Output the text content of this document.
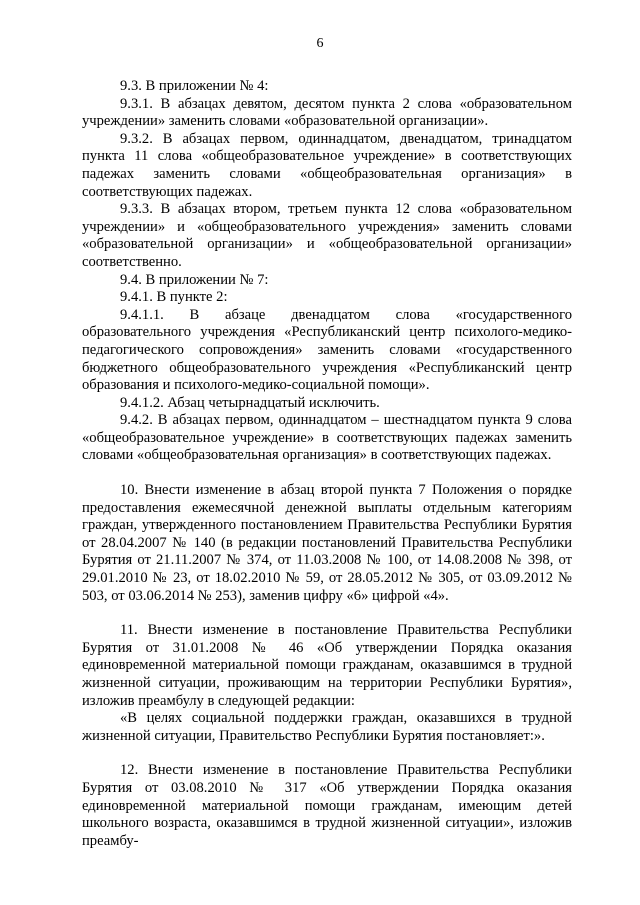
6

9.3. В приложении № 4:

9.3.1. В абзацах девятом, десятом пункта 2 слова «образовательном учреждении» заменить словами «образовательной организации».

9.3.2. В абзацах первом, одиннадцатом, двенадцатом, тринадцатом пункта 11 слова «общеобразовательное учреждение» в соответствующих падежах заменить словами «общеобразовательная организация» в соответствующих падежах.

9.3.3. В абзацах втором, третьем пункта 12 слова «образовательном учреждении» и «общеобразовательного учреждения» заменить словами «образовательной организации» и «общеобразовательной организации» соответственно.

9.4. В приложении № 7:

9.4.1. В пункте 2:

9.4.1.1. В абзаце двенадцатом слова «государственного образовательного учреждения «Республиканский центр психолого-медико-педагогического сопровождения» заменить словами «государственного бюджетного общеобразовательного учреждения «Республиканский центр образования и психолого-медико-социальной помощи».

9.4.1.2. Абзац четырнадцатый исключить.

9.4.2. В абзацах первом, одиннадцатом – шестнадцатом пункта 9 слова «общеобразовательное учреждение» в соответствующих падежах заменить словами «общеобразовательная организация» в соответствующих падежах.

10. Внести изменение в абзац второй пункта 7 Положения о порядке предоставления ежемесячной денежной выплаты отдельным категориям граждан, утвержденного постановлением Правительства Республики Бурятия от 28.04.2007 № 140 (в редакции постановлений Правительства Республики Бурятия от 21.11.2007 № 374, от 11.03.2008 № 100, от 14.08.2008 № 398, от 29.01.2010 № 23, от 18.02.2010 № 59, от 28.05.2012 № 305, от 03.09.2012 № 503, от 03.06.2014 № 253), заменив цифру «6» цифрой «4».

11. Внести изменение в постановление Правительства Республики Бурятия от 31.01.2008 № 46 «Об утверждении Порядка оказания единовременной материальной помощи гражданам, оказавшимся в трудной жизненной ситуации, проживающим на территории Республики Бурятия», изложив преамбулу в следующей редакции:

«В целях социальной поддержки граждан, оказавшихся в трудной жизненной ситуации, Правительство Республики Бурятия постановляет:».

12. Внести изменение в постановление Правительства Республики Бурятия от 03.08.2010 № 317 «Об утверждении Порядка оказания единовременной материальной помощи гражданам, имеющим детей школьного возраста, оказавшимся в трудной жизненной ситуации», изложив преамбу-
